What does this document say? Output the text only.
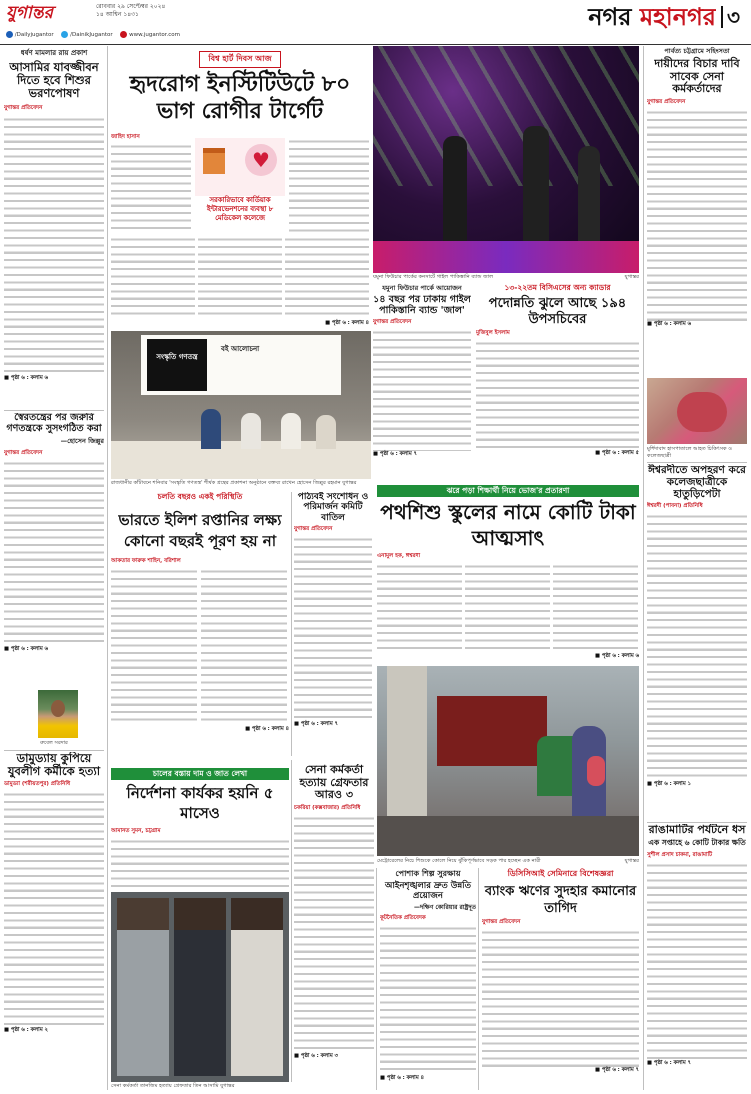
যুগান্তর	রোববার ২৯ সেপ্টেম্বর ২০২৪
১৪ আশ্বিন ১৪৩১
/Dailyjugantor	/DainikJugantor	www.jugantor.com
নগর মহানগর ৩
ধর্ষণ মামলার রায় প্রকাশ
আসামির যাবজ্জীবন দিতে হবে শিশুর ভরণপোষণ
যুগান্তর প্রতিবেদন
■ পৃষ্ঠা ৬ : কলাম ৬
স্বৈরতন্ত্রের পর জরুরি গণতন্ত্রকে সুসংগঠিত করা
—হোসেন জিল্লুর
যুগান্তর প্রতিবেদন
■ পৃষ্ঠা ৬ : কলাম ৬
রুবেল সরদার
ডামুড্যায় কুপিয়ে যুবলীগ কর্মীকে হত্যা
ডামুড্যা (শরীয়তপুর) প্রতিনিধি
■ পৃষ্ঠা ৬ : কলাম ২
বিশ্ব হার্ট দিবস আজ
হৃদরোগ ইনস্টিটিউটে ৮০ ভাগ রোগীর টার্গেট
জাহিদ হাসান
♥
সরকারিভাবে কার্ডিয়াক ইন্টারভেনশনের ব্যবস্থা ৮ মেডিকেল কলেজে
■ পৃষ্ঠা ৬ : কলাম ৪
যমুনা ফিউচার পার্কের কনসার্টে গাইল পাকিস্তানি ব্যান্ড জাল	যুগান্তর
যমুনা ফিউচার পার্কে আয়োজন
১৪ বছর পর ঢাকায় গাইল পাকিস্তানি ব্যান্ড 'জাল'
যুগান্তর প্রতিবেদন
■ পৃষ্ঠা ৬ : কলাম ৭
১৩-২২তম বিসিএসের অন্য ক্যাডার
পদোন্নতি ঝুলে আছে ১৯৪ উপসচিবের
মুজিবুল ইসলাম
■ পৃষ্ঠা ৬ : কলাম ৫
বই আলোচনা
সংস্কৃতি গণতন্ত্র
রাজধানীর কাঁটাবনে শনিবার 'সংস্কৃতি গণতন্ত্র' শীর্ষক গ্রন্থের প্রকাশনা অনুষ্ঠানে বক্তব্য রাখেন হোসেন জিল্লুর রহমান যুগান্তর
ঝরে পড়া শিক্ষার্থী নিয়ে ভোজ'র প্রতারণা
পথশিশু স্কুলের নামে কোটি টাকা আত্মসাৎ
এনামুল হক, ঈশ্বরদী
■ পৃষ্ঠা ৬ : কলাম ৬
মেট্রোরেলের নিচে শিশুকে কোলে নিয়ে ঝুঁকিপূর্ণভাবে সড়ক পার হচ্ছেন এক নারী	যুগান্তর
চলতি বছরও একই পরিস্থিতি
ভারতে ইলিশ রপ্তানির লক্ষ্য কোনো বছরই পূরণ হয় না
আকতার ফারুক শাহিন, বরিশাল
■ পৃষ্ঠা ৬ : কলাম ৪
পাঠ্যবই সংশোধন ও পরিমার্জন কমিটি বাতিল
যুগান্তর প্রতিবেদন
■ পৃষ্ঠা ৬ : কলাম ৭
চালের বস্তায় দাম ও জাত লেখা
নির্দেশনা কার্যকর হয়নি ৫ মাসেও
আমানত সুমন, চট্টগ্রাম
সেনা কর্মকর্তা তানজিম হত্যায় গ্রেফতার তিন আসামি যুগান্তর
সেনা কর্মকর্তা হত্যায় গ্রেফতার আরও ৩
চকরিয়া (কক্সবাজার) প্রতিনিধি
■ পৃষ্ঠা ৬ : কলাম ৩
পোশাক শিল্প সুরক্ষায়
আইনশৃঙ্খলার দ্রুত উন্নতি প্রয়োজন
—দক্ষিণ কোরিয়ার রাষ্ট্রদূত
কূটনৈতিক প্রতিবেদক
■ পৃষ্ঠা ৬ : কলাম ৪
ডিসিসিআই সেমিনারে বিশেষজ্ঞরা
ব্যাংক ঋণের সুদহার কমানোর তাগিদ
যুগান্তর প্রতিবেদন
■ পৃষ্ঠা ৬ : কলাম ৭
পার্বত্য চট্টগ্রামে সহিংসতা
দায়ীদের বিচার দাবি সাবেক সেনা কর্মকর্তাদের
যুগান্তর প্রতিবেদন
■ পৃষ্ঠা ৬ : কলাম ৬
মুর্শিদাবাদ হাসপাতালে আহত চিকিৎসক ও কলেজছাত্রী
ঈশ্বরদীতে অপহরণ করে কলেজছাত্রীকে হাতুড়িপেটা
ঈশ্বরদী (পাবনা) প্রতিনিধি
■ পৃষ্ঠা ৬ : কলাম ১
রাঙামাটির পর্যটনে ধস
এক সপ্তাহে ৬ কোটি টাকার ক্ষতি
সুশীল প্রসাদ চাকমা, রাঙামাটি
■ পৃষ্ঠা ৬ : কলাম ৭
